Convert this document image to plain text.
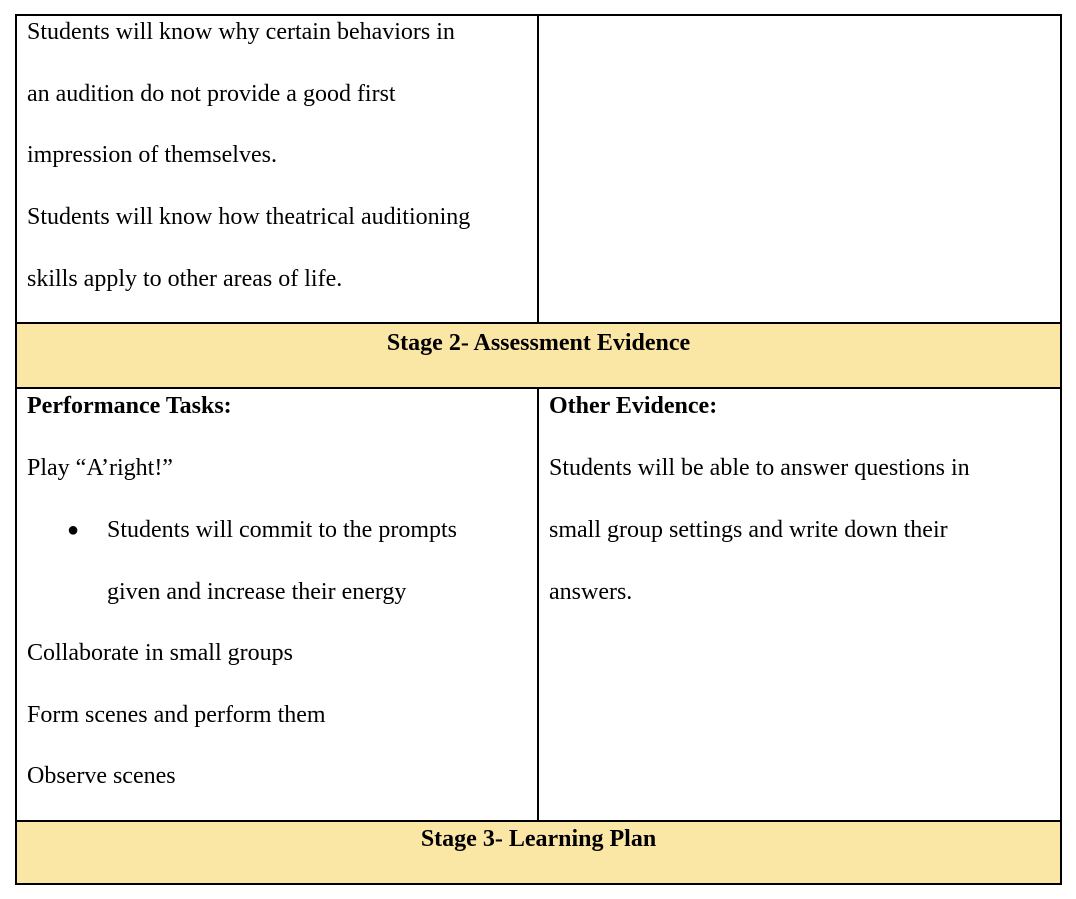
Stage 2- Assessment Evidence
Stage 3- Learning Plan
Students will know why certain behaviors in
an audition do not provide a good first
impression of themselves.
Students will know how theatrical auditioning
skills apply to other areas of life.
Performance Tasks:
Play “A’right!”
● Students will commit to the prompts
given and increase their energy
Collaborate in small groups
Form scenes and perform them
Observe scenes
Other Evidence:
Students will be able to answer questions in
small group settings and write down their
answers.
